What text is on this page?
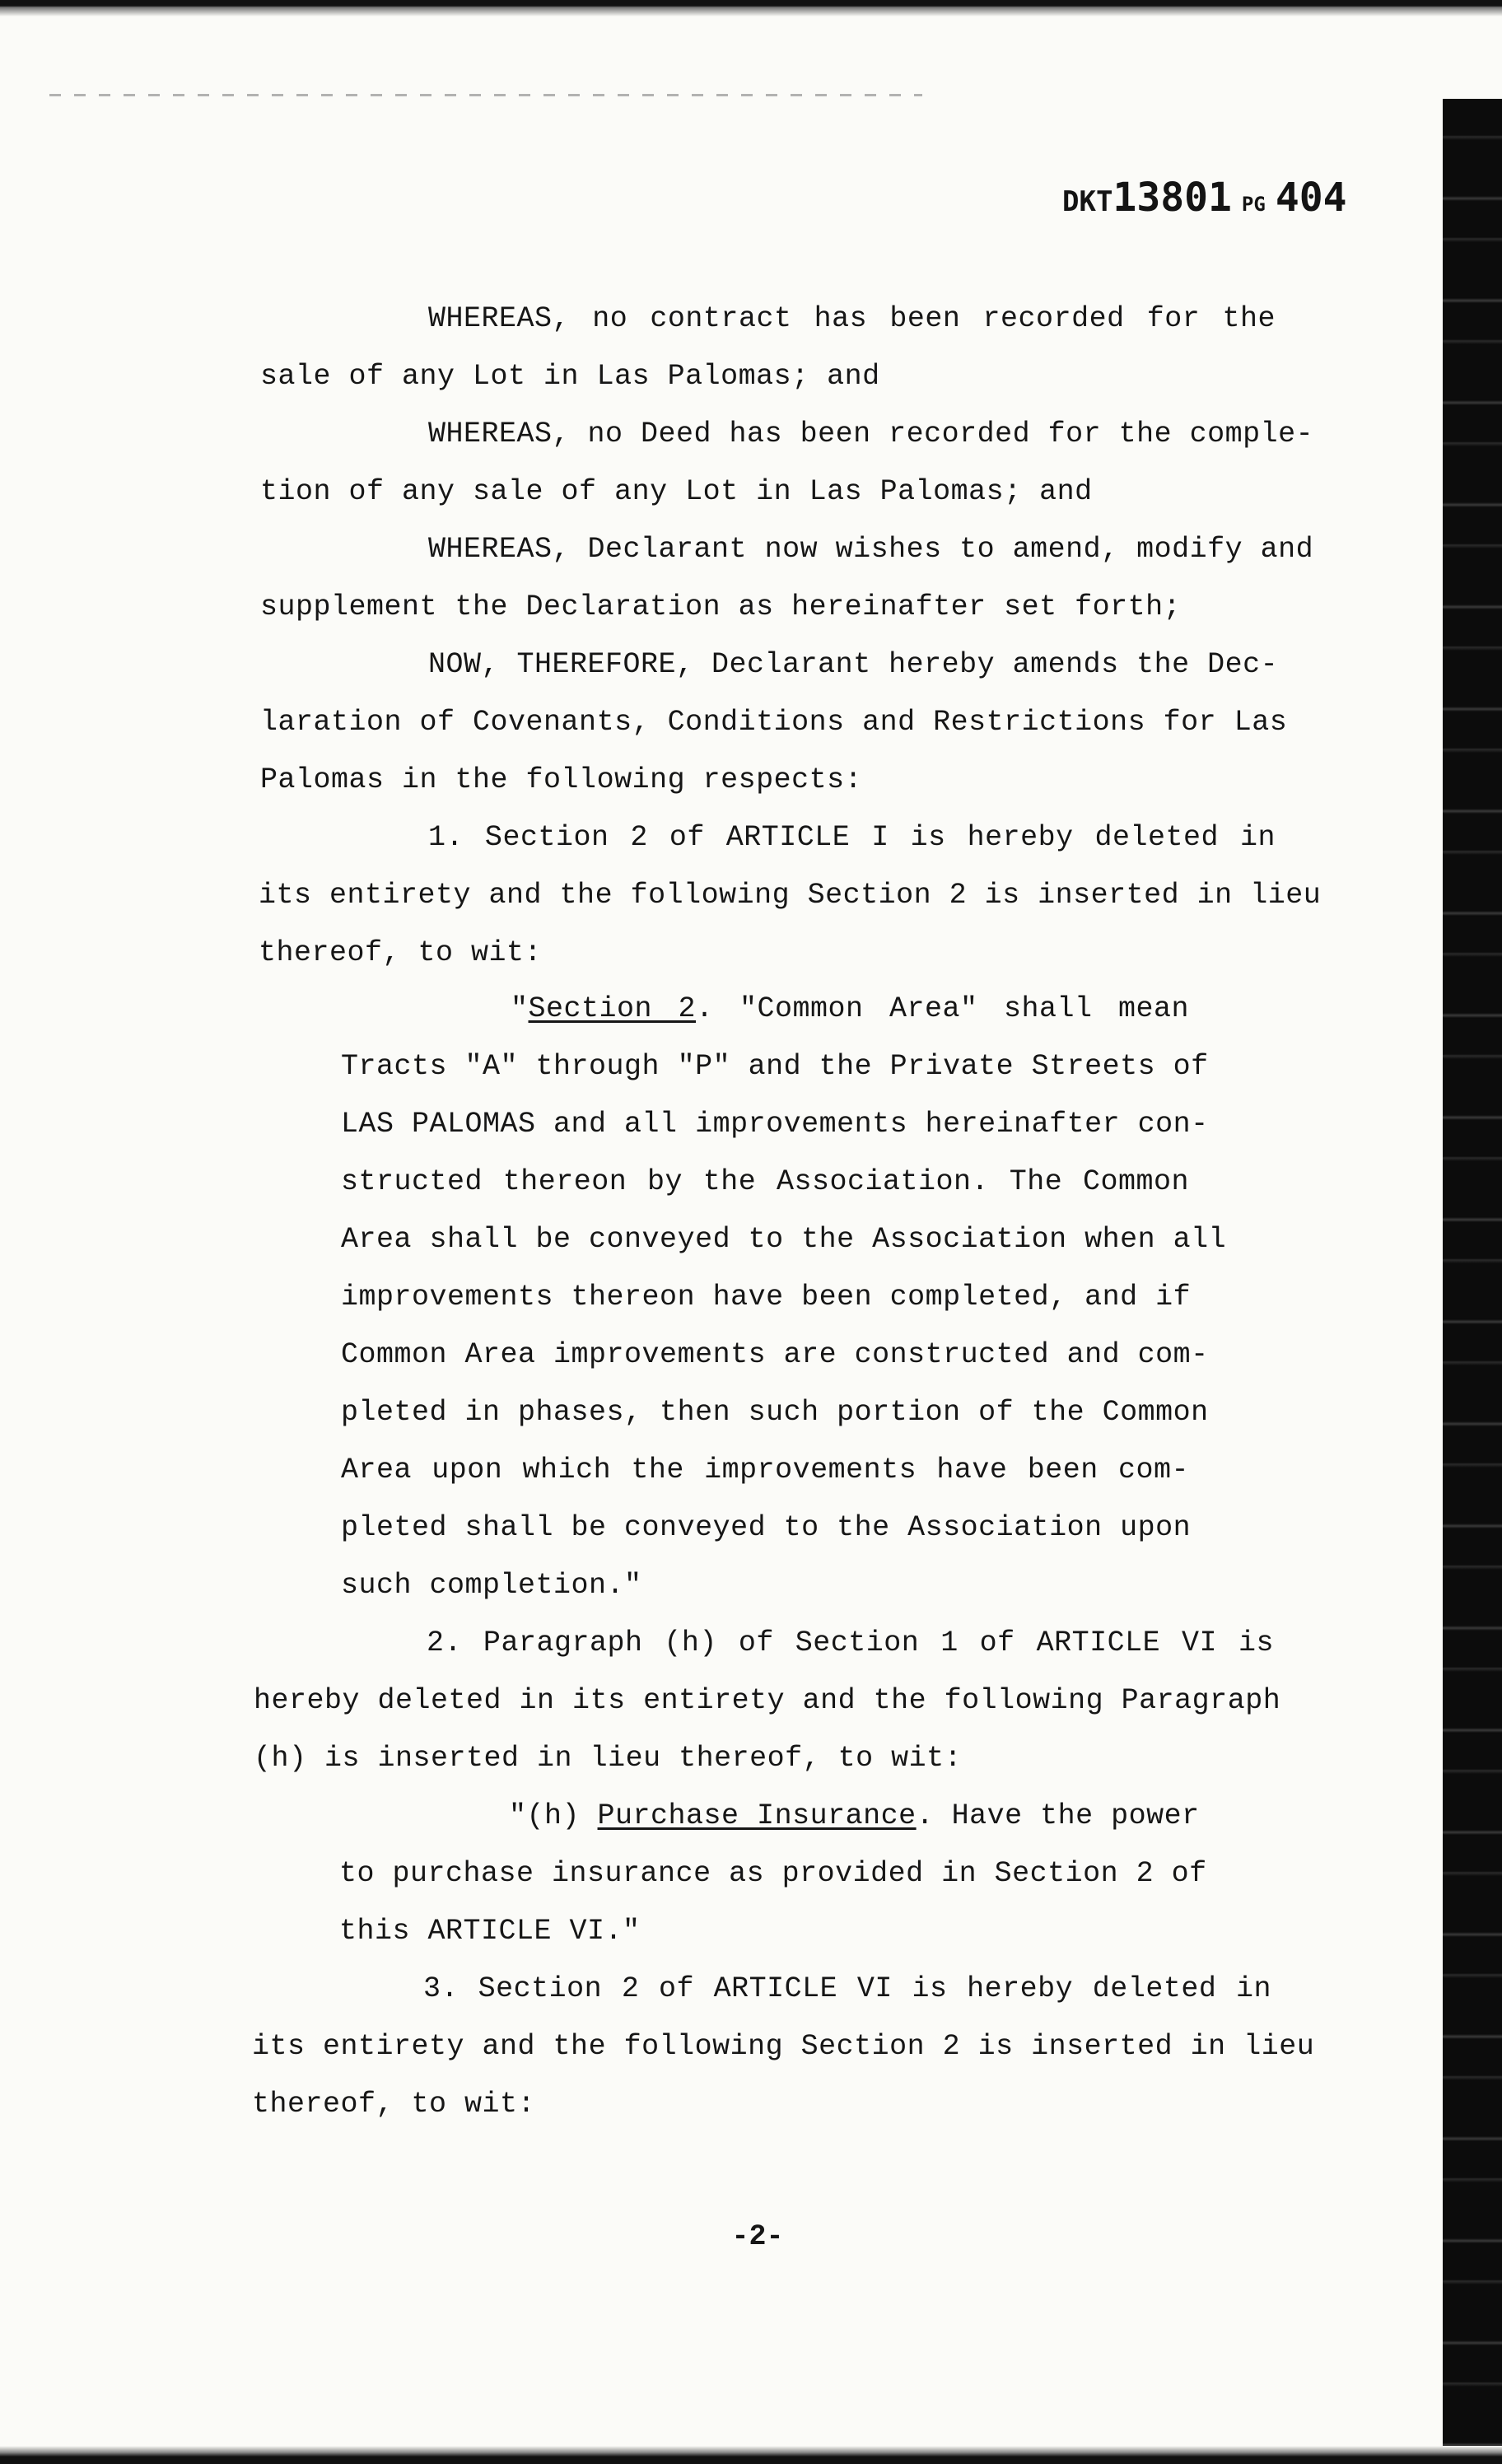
DKT13801 PG 404
WHEREAS, no contract has been recorded for the
sale of any Lot in Las Palomas; and
WHEREAS, no Deed has been recorded for the comple-
tion of any sale of any Lot in Las Palomas; and
WHEREAS, Declarant now wishes to amend, modify and
supplement the Declaration as hereinafter set forth;
NOW, THEREFORE, Declarant hereby amends the Dec-
laration of Covenants, Conditions and Restrictions for Las
Palomas in the following respects:
1. Section 2 of ARTICLE I is hereby deleted in
its entirety and the following Section 2 is inserted in lieu
thereof, to wit:
"Section 2. "Common Area" shall mean
Tracts "A" through "P" and the Private Streets of
LAS PALOMAS and all improvements hereinafter con-
structed thereon by the Association. The Common
Area shall be conveyed to the Association when all
improvements thereon have been completed, and if
Common Area improvements are constructed and com-
pleted in phases, then such portion of the Common
Area upon which the improvements have been com-
pleted shall be conveyed to the Association upon
such completion."
2. Paragraph (h) of Section 1 of ARTICLE VI is
hereby deleted in its entirety and the following Paragraph
(h) is inserted in lieu thereof, to wit:
"(h) Purchase Insurance. Have the power
to purchase insurance as provided in Section 2 of
this ARTICLE VI."
3. Section 2 of ARTICLE VI is hereby deleted in
its entirety and the following Section 2 is inserted in lieu
thereof, to wit:
-2-
